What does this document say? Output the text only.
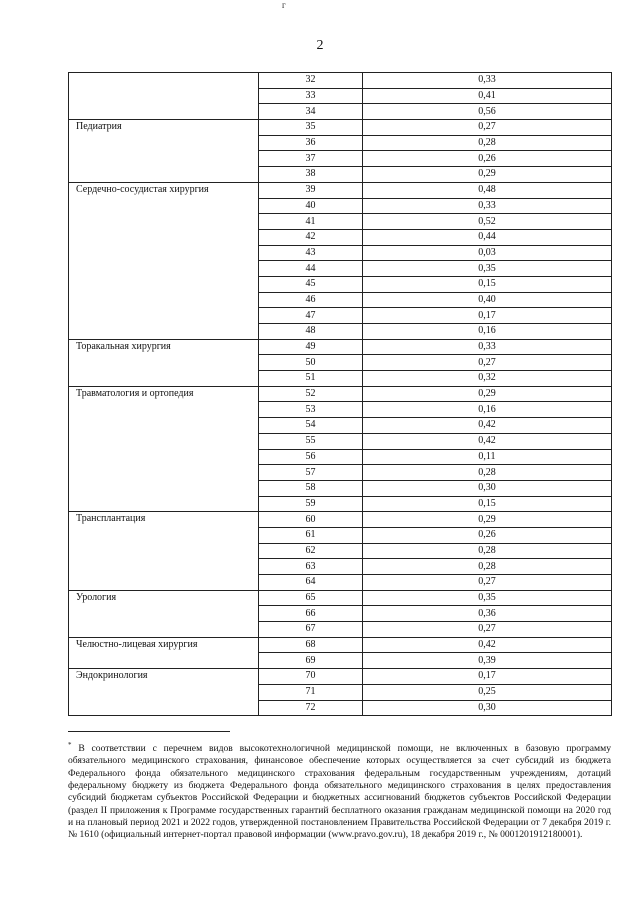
г
2
	32	0,33
	33	0,41
	34	0,56
Педиатрия	35	0,27
	36	0,28
	37	0,26
	38	0,29
Сердечно-сосудистая хирургия	39	0,48
	40	0,33
	41	0,52
	42	0,44
	43	0,03
	44	0,35
	45	0,15
	46	0,40
	47	0,17
	48	0,16
Торакальная хирургия	49	0,33
	50	0,27
	51	0,32
Травматология и ортопедия	52	0,29
	53	0,16
	54	0,42
	55	0,42
	56	0,11
	57	0,28
	58	0,30
	59	0,15
Трансплантация	60	0,29
	61	0,26
	62	0,28
	63	0,28
	64	0,27
Урология	65	0,35
	66	0,36
	67	0,27
Челюстно-лицевая хирургия	68	0,42
	69	0,39
Эндокринология	70	0,17
	71	0,25
	72	0,30
* В соответствии с перечнем видов высокотехнологичной медицинской помощи, не включенных в базовую программу обязательного медицинского страхования, финансовое обеспечение которых осуществляется за счет субсидий из бюджета Федерального фонда обязательного медицинского страхования федеральным государственным учреждениям, дотаций федеральному бюджету из бюджета Федерального фонда обязательного медицинского страхования в целях предоставления субсидий бюджетам субъектов Российской Федерации и бюджетных ассигнований бюджетов субъектов Российской Федерации (раздел II приложения к Программе государственных гарантий бесплатного оказания гражданам медицинской помощи на 2020 год и на плановый период 2021 и 2022 годов, утвержденной постановлением Правительства Российской Федерации от 7 декабря 2019 г. № 1610 (официальный интернет-портал правовой информации (www.pravo.gov.ru), 18 декабря 2019 г., № 0001201912180001).
